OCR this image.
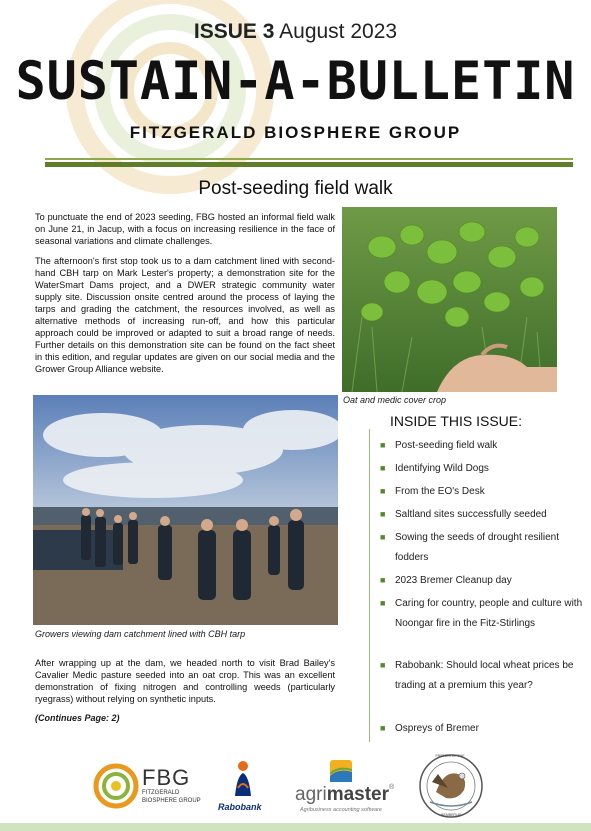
ISSUE 3 August 2023
SUSTAIN-A-BULLETIN
FITZGERALD BIOSPHERE GROUP
Post-seeding field walk
To punctuate the end of 2023 seeding, FBG hosted an informal field walk on June 21, in Jacup, with a focus on increasing resilience in the face of seasonal variations and climate challenges.
The afternoon's first stop took us to a dam catchment lined with second-hand CBH tarp on Mark Lester's property; a demonstration site for the WaterSmart Dams project, and a DWER strategic community water supply site. Discussion onsite centred around the process of laying the tarps and grading the catchment, the resources involved, as well as alternative methods of increasing run-off, and how this particular approach could be improved or adapted to suit a broad range of needs. Further details on this demonstration site can be found on the fact sheet in this edition, and regular updates are given on our social media and the Grower Group Alliance website.
Oat and medic cover crop
Growers viewing dam catchment lined with CBH tarp
After wrapping up at the dam, we headed north to visit Brad Bailey's Cavalier Medic pasture seeded into an oat crop. This was an excellent demonstration of fixing nitrogen and controlling weeds (particularly ryegrass) without relying on synthetic inputs.
(Continues Page: 2)
INSIDE THIS ISSUE:
■ Post-seeding field walk
■ Identifying Wild Dogs
■ From the EO's Desk
■ Saltland sites successfully seeded
■ Sowing the seeds of drought resilient fodders
■ 2023 Bremer Cleanup day
■ Caring for country, people and culture with Noongar fire in the Fitz-Stirlings
■ Rabobank: Should local wheat prices be trading at a premium this year?
■ Ospreys of Bremer
FBG
FITZGERALD
BIOSPHERE GROUP
Rabobank
agrimaster®
Agribusiness accounting software
FRIENDS OF THE
BEMBERUP
